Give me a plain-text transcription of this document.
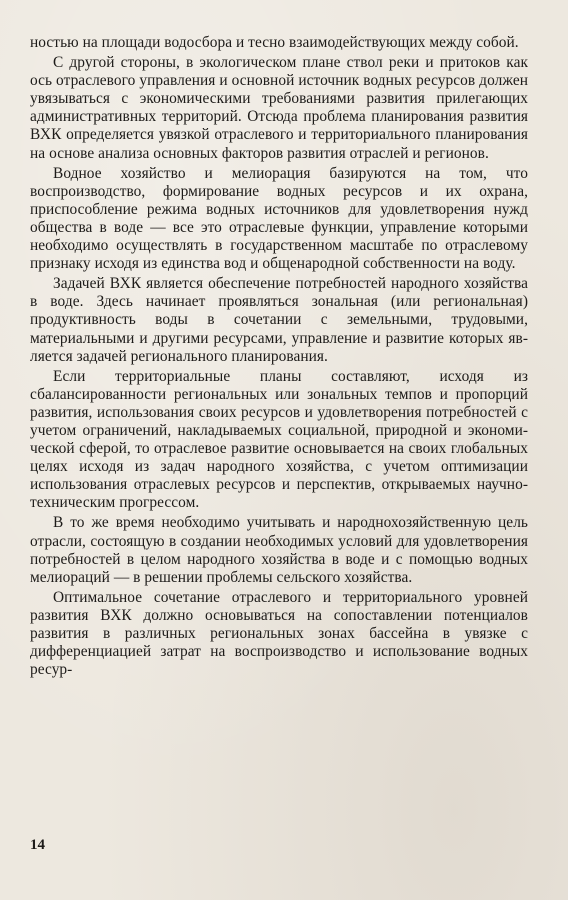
ностью на площади водосбора и тесно взаимодействующих между собой.

С другой стороны, в экологическом плане ствол реки и притоков как ось отраслевого управления и основной источник водных ресурсов должен увязываться с экономическими требованиями развития прилегающих административных территорий. Отсюда проблема планирования развития ВХК определяется увязкой отраслевого и территориального планирования на основе анализа основных факторов развития отраслей и регионов.

Водное хозяйство и мелиорация базируются на том, что воспроизводство, формирование водных ресурсов и их охрана, приспособление режима водных источников для удовлетворения нужд общества в воде — все это отраслевые функции, управление которыми необходимо осуществлять в государственном масштабе по отраслевому признаку исходя из единства вод и общенародной собственности на воду.

Задачей ВХК является обеспечение потребностей народного хозяйства в воде. Здесь начинает проявляться зональная (или региональная) продуктивность воды в сочетании с земельными, трудовыми, материальными и другими ресурсами, управление и развитие которых является задачей регионального планирования.

Если территориальные планы составляют, исходя из сбалансированности региональных или зональных темпов и пропорций развития, использования своих ресурсов и удовлетворения потребностей с учетом ограничений, накладываемых социальной, природной и экономической сферой, то отраслевое развитие основывается на своих глобальных целях исходя из задач народного хозяйства, с учетом оптимизации использования отраслевых ресурсов и перспектив, открываемых научно-техническим прогрессом.

В то же время необходимо учитывать и народнохозяйственную цель отрасли, состоящую в создании необходимых условий для удовлетворения потребностей в целом народного хозяйства в воде и с помощью водных мелиораций — в решении проблемы сельского хозяйства.

Оптимальное сочетание отраслевого и территориального уровней развития ВХК должно основываться на сопоставлении потенциалов развития в различных региональных зонах бассейна в увязке с дифференциацией затрат на воспроизводство и использование водных ресур-

14
